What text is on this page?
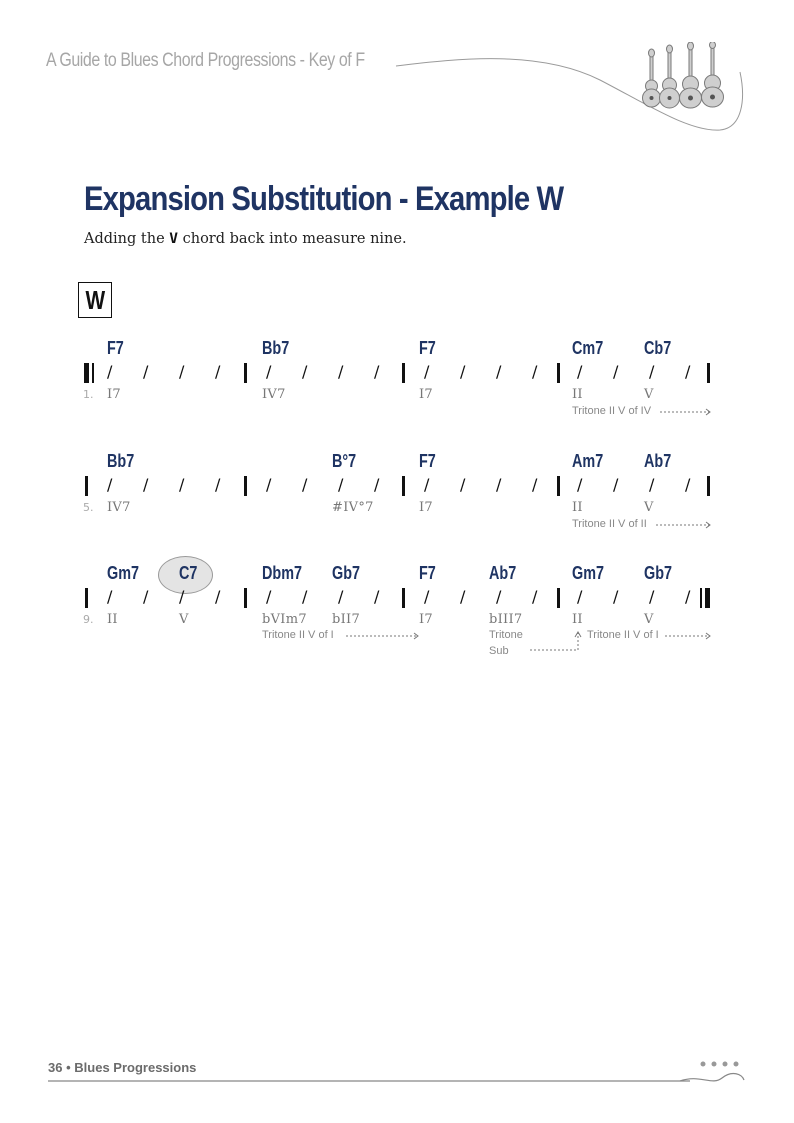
A Guide to Blues Chord Progressions - Key of F
Expansion Substitution - Example W
Adding the V chord back into measure nine.
W
F7	Bb7	F7	Cm7 Cb7
/ / / /	/ / / /	/ / / / / / / /
1. I7	IV7	I7	II	V
Bb7	B°7	F7	Am7 Ab7
/ / / /	/ / / /	/ / / / / / / /
5. IV7	#IV°7	I7	II	V
Gm7 C7	Dbm7 Gb7	F7	Ab7	Gm7 Gb7
/ / / /	/ / / /	/ / / / / / / /
9. II	V	bVIm7 bII7	I7	bIII7	II	V
Tritone II V of IV
Tritone II V of II
Tritone II V of I	Tritone
Sub
Tritone II V of I
36 • Blues Progressions
